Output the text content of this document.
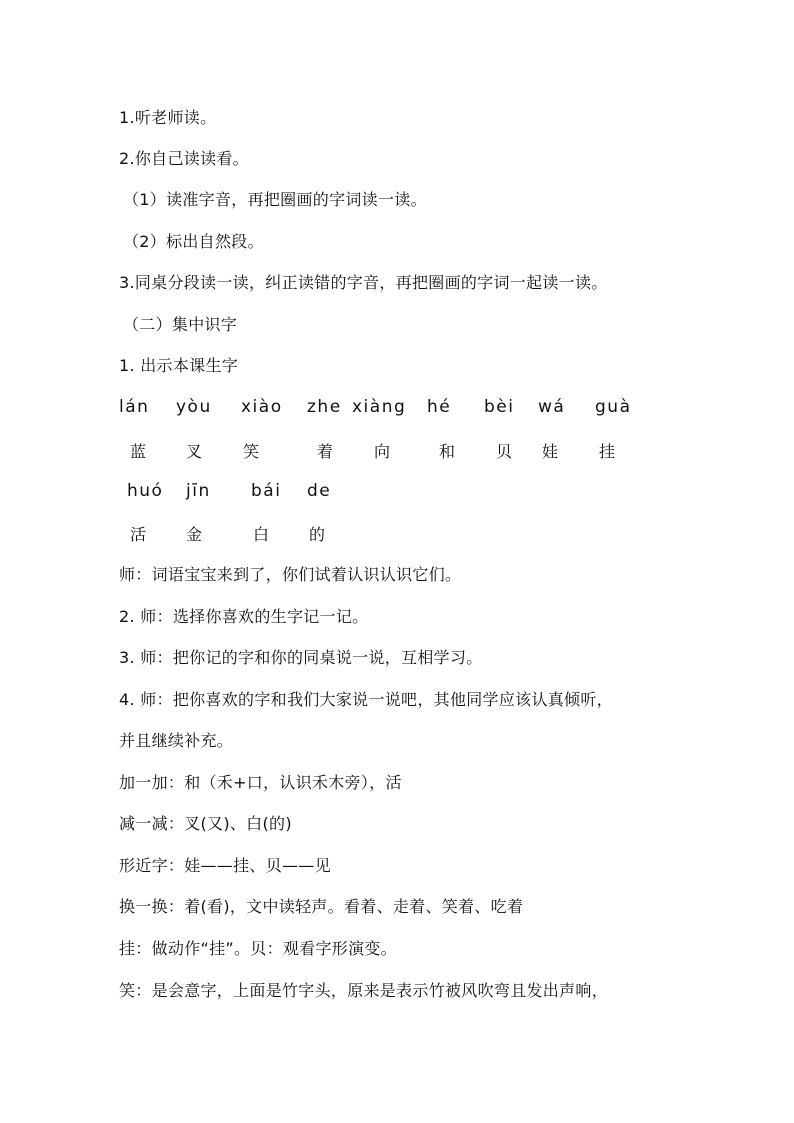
1.听老师读。
2.你自己读读看。
（1）读准字音，再把圈画的字词读一读。
（2）标出自然段。
3.同桌分段读一读，纠正读错的字音，再把圈画的字词一起读一读。
（二）集中识字
1. 出示本课生字
lán yòu xiào zhe xiàng hé bèi wá guà
蓝 叉	笑	着	向	和	贝 娃	挂
huó jīn bái de
活 金	白 的
师：词语宝宝来到了，你们试着认识认识它们。
2. 师：选择你喜欢的生字记一记。
3. 师：把你记的字和你的同桌说一说，互相学习。
4. 师：把你喜欢的字和我们大家说一说吧，其他同学应该认真倾听，
并且继续补充。
加一加：和（禾+口，认识禾木旁），活
减一减：叉(又)、白(的)
形近字：娃——挂、贝——见
换一换：着(看)，文中读轻声。看着、走着、笑着、吃着
挂：做动作“挂”。贝：观看字形演变。
笑：是会意字，上面是竹字头，原来是表示竹被风吹弯且发出声响，
